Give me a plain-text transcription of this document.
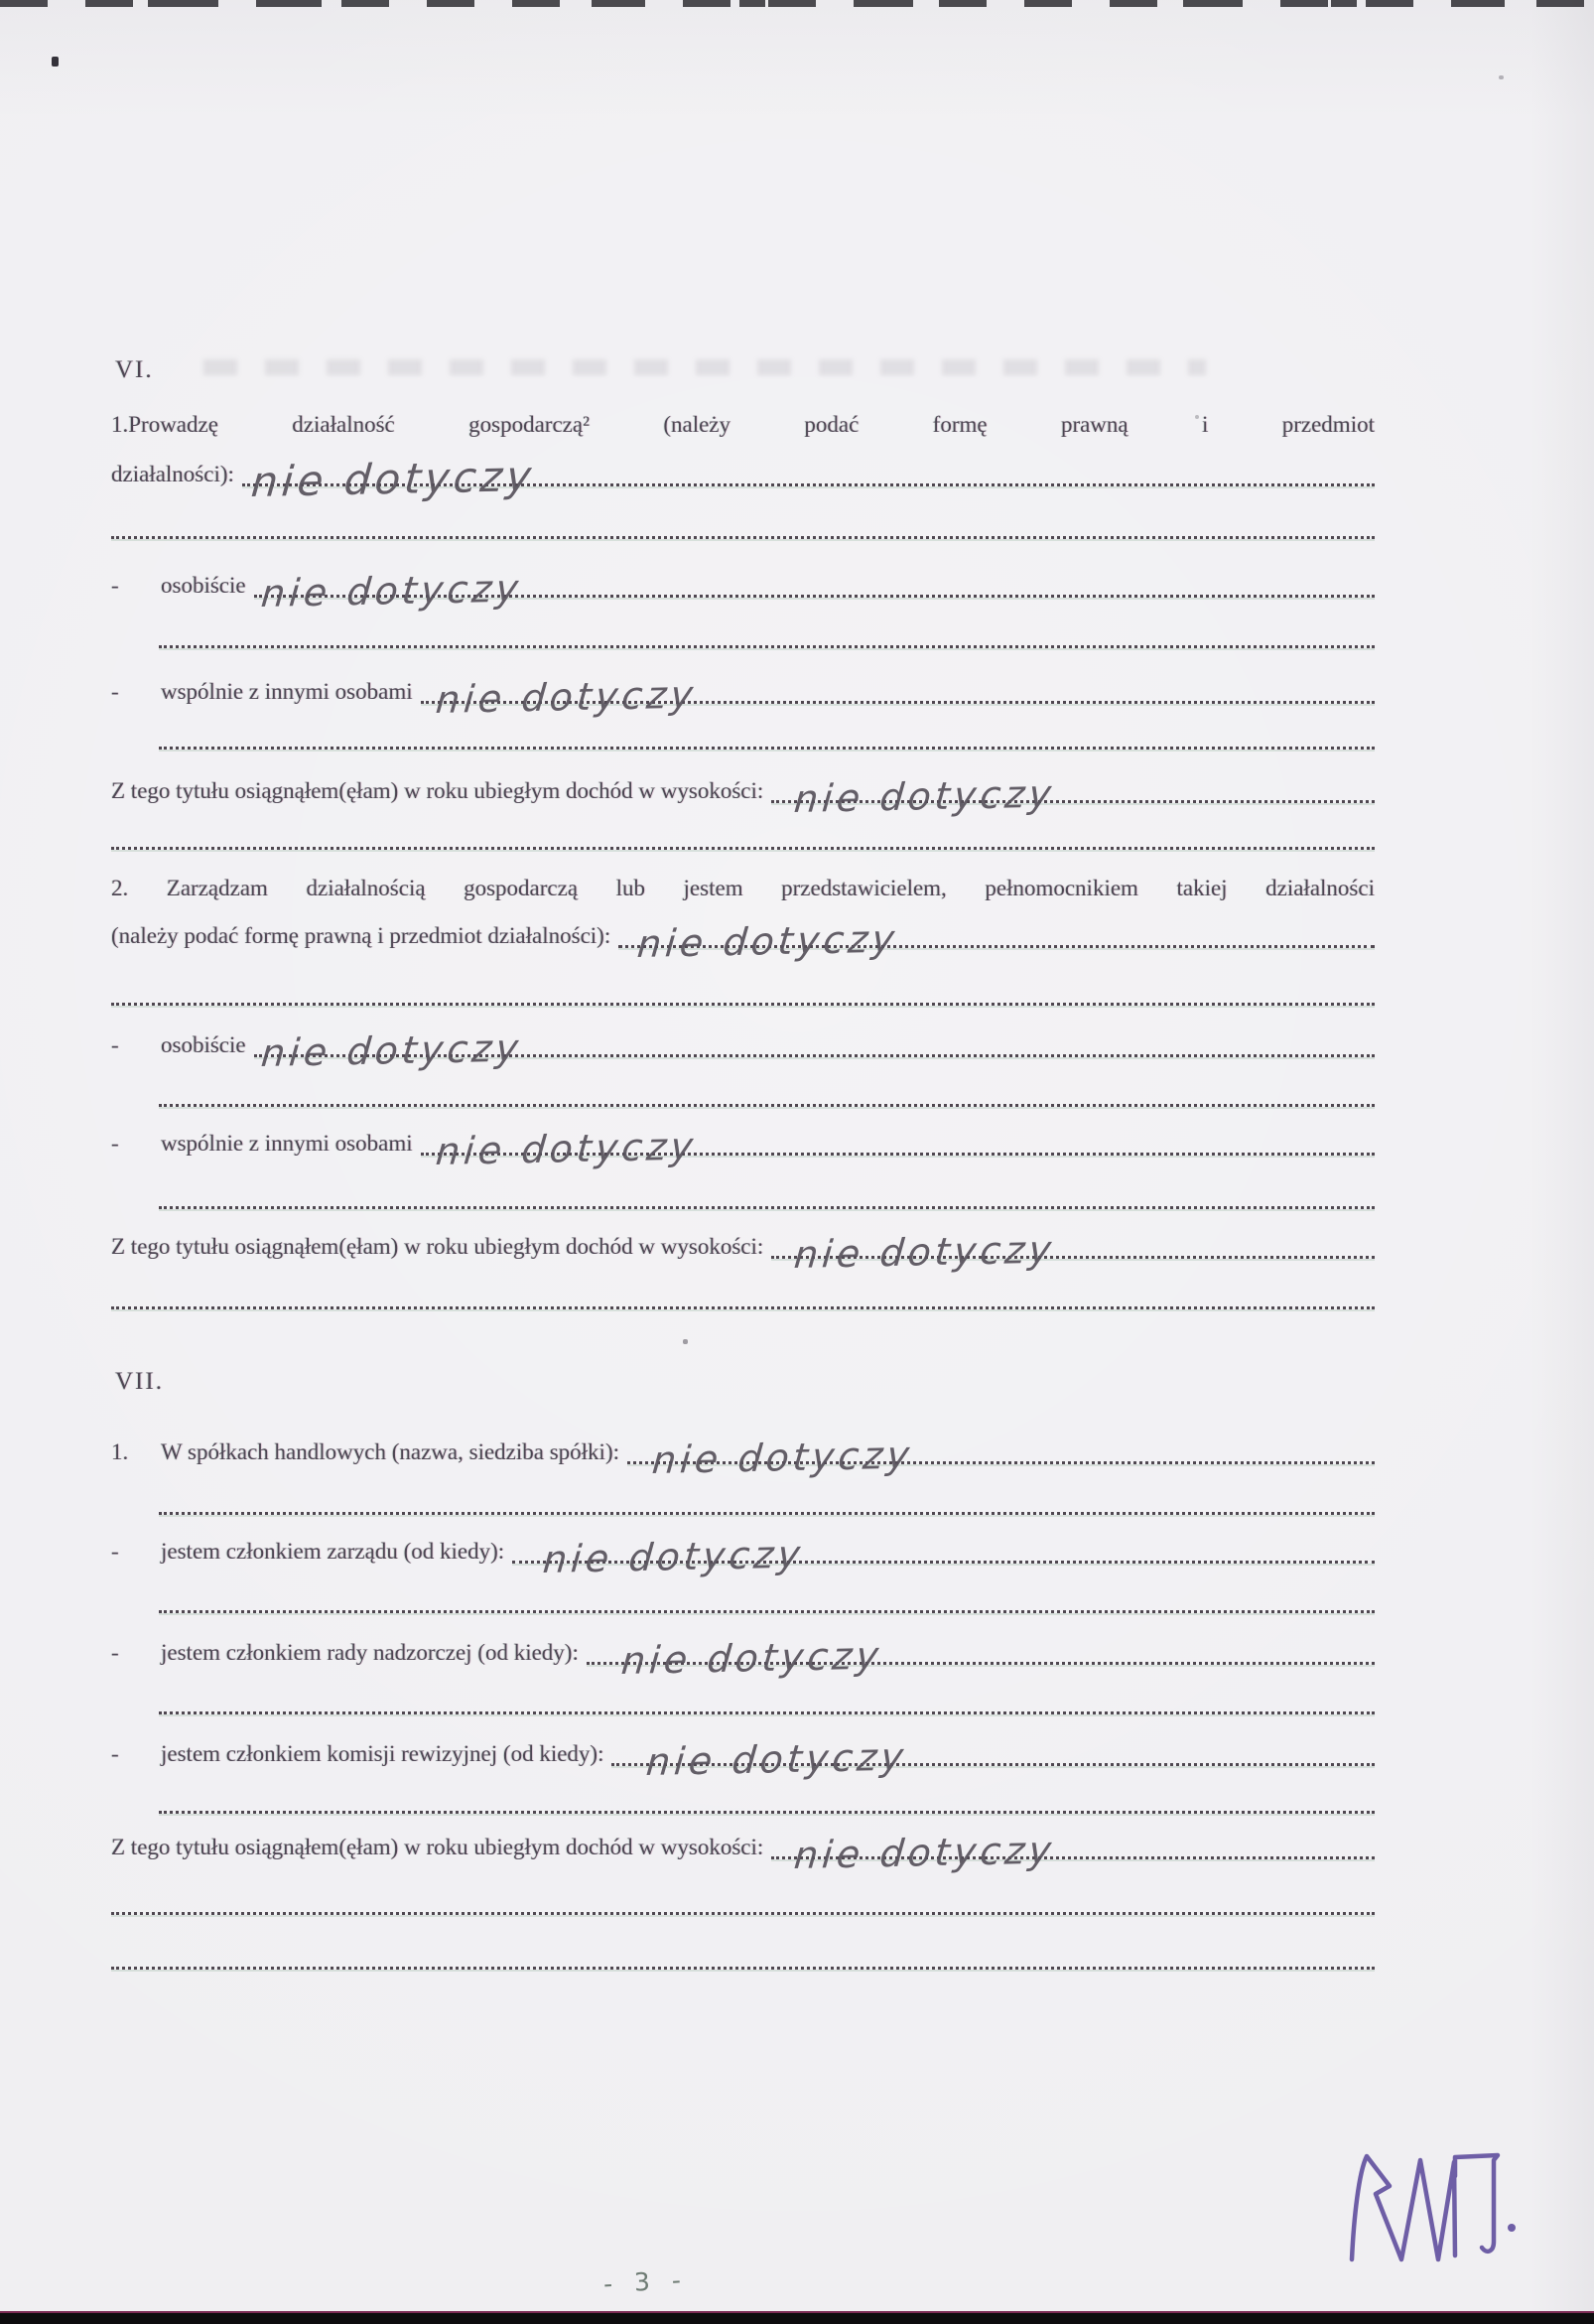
VI.
1.Prowadzę	działalność	gospodarczą²	(należy	podać	formę	prawną	i	przedmiot
działalności): nie dotyczy
-	osobiście nie dotyczy
-	wspólnie z innymi osobami nie dotyczy
Z tego tytułu osiągnąłem(ęłam) w roku ubiegłym dochód w wysokości: nie dotyczy
2. Zarządzam działalnością gospodarczą lub jestem przedstawicielem, pełnomocnikiem takiej działalności
(należy podać formę prawną i przedmiot działalności): nie dotyczy
-	osobiście nie dotyczy
-	wspólnie z innymi osobami nie dotyczy
Z tego tytułu osiągnąłem(ęłam) w roku ubiegłym dochód w wysokości: nie dotyczy
VII.
1.	W spółkach handlowych (nazwa, siedziba spółki): nie dotyczy
-	jestem członkiem zarządu (od kiedy): nie dotyczy
-	jestem członkiem rady nadzorczej (od kiedy): nie dotyczy
-	jestem członkiem komisji rewizyjnej (od kiedy): nie dotyczy
Z tego tytułu osiągnąłem(ęłam) w roku ubiegłym dochód w wysokości: nie dotyczy
- 3 -
